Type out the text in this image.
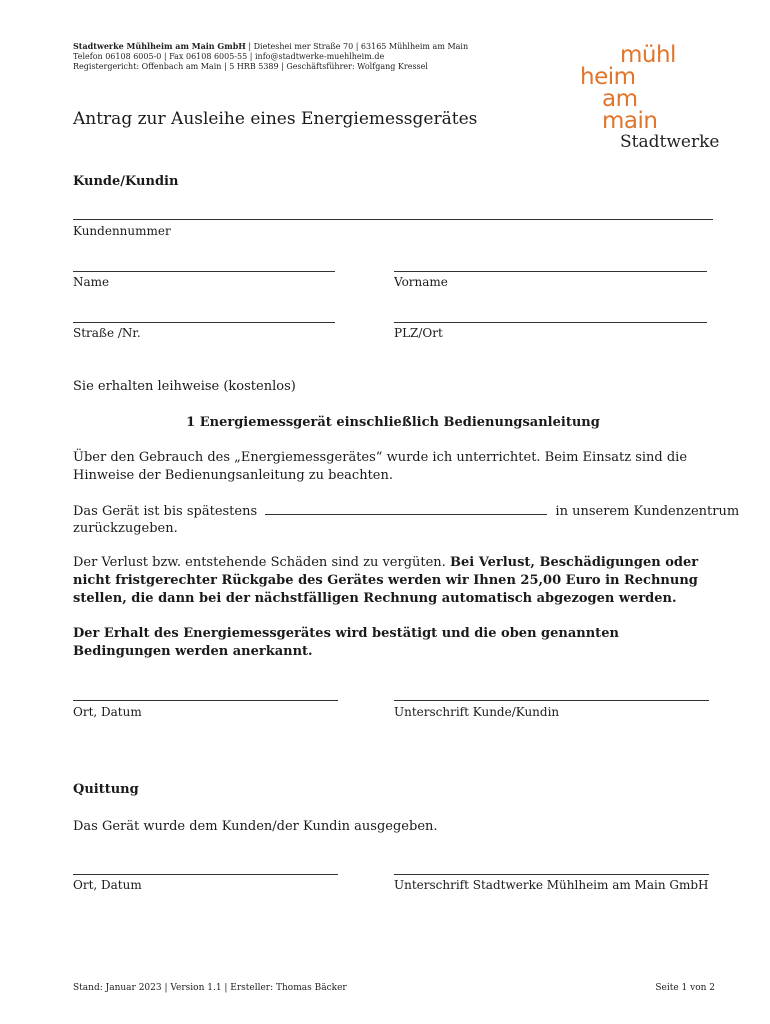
Stadtwerke Mühlheim am Main GmbH | Dieteshei mer Straße 70 | 63165 Mühlheim am Main
Telefon 06108 6005-0 | Fax 06108 6005-55 | info@stadtwerke-muehlheim.de
Registergericht: Offenbach am Main | 5 HRB 5389 | Geschäftsführer: Wolfgang Kressel	mühl
heim
am
main
Stadtwerke
Antrag zur Ausleihe eines Energiemessgerätes
Kunde/Kundin
Kundennummer
Name	Vorname
Straße /Nr.	PLZ/Ort
Sie erhalten leihweise (kostenlos)
1 Energiemessgerät einschließlich Bedienungsanleitung
Über den Gebrauch des „Energiemessgerätes“ wurde ich unterrichtet. Beim Einsatz sind die Hinweise der Bedienungsanleitung zu beachten.
Das Gerät ist bis spätestens	in unserem Kundenzentrum
zurückzugeben.
Der Verlust bzw. entstehende Schäden sind zu vergüten. Bei Verlust, Beschädigungen oder nicht fristgerechter Rückgabe des Gerätes werden wir Ihnen 25,00 Euro in Rechnung stellen, die dann bei der nächstfälligen Rechnung automatisch abgezogen werden.
Der Erhalt des Energiemessgerätes wird bestätigt und die oben genannten Bedingungen werden anerkannt.
Ort, Datum	Unterschrift Kunde/Kundin
Quittung
Das Gerät wurde dem Kunden/der Kundin ausgegeben.
Ort, Datum	Unterschrift Stadtwerke Mühlheim am Main GmbH
Stand: Januar 2023 | Version 1.1 | Ersteller: Thomas Bäcker	Seite 1 von 2
